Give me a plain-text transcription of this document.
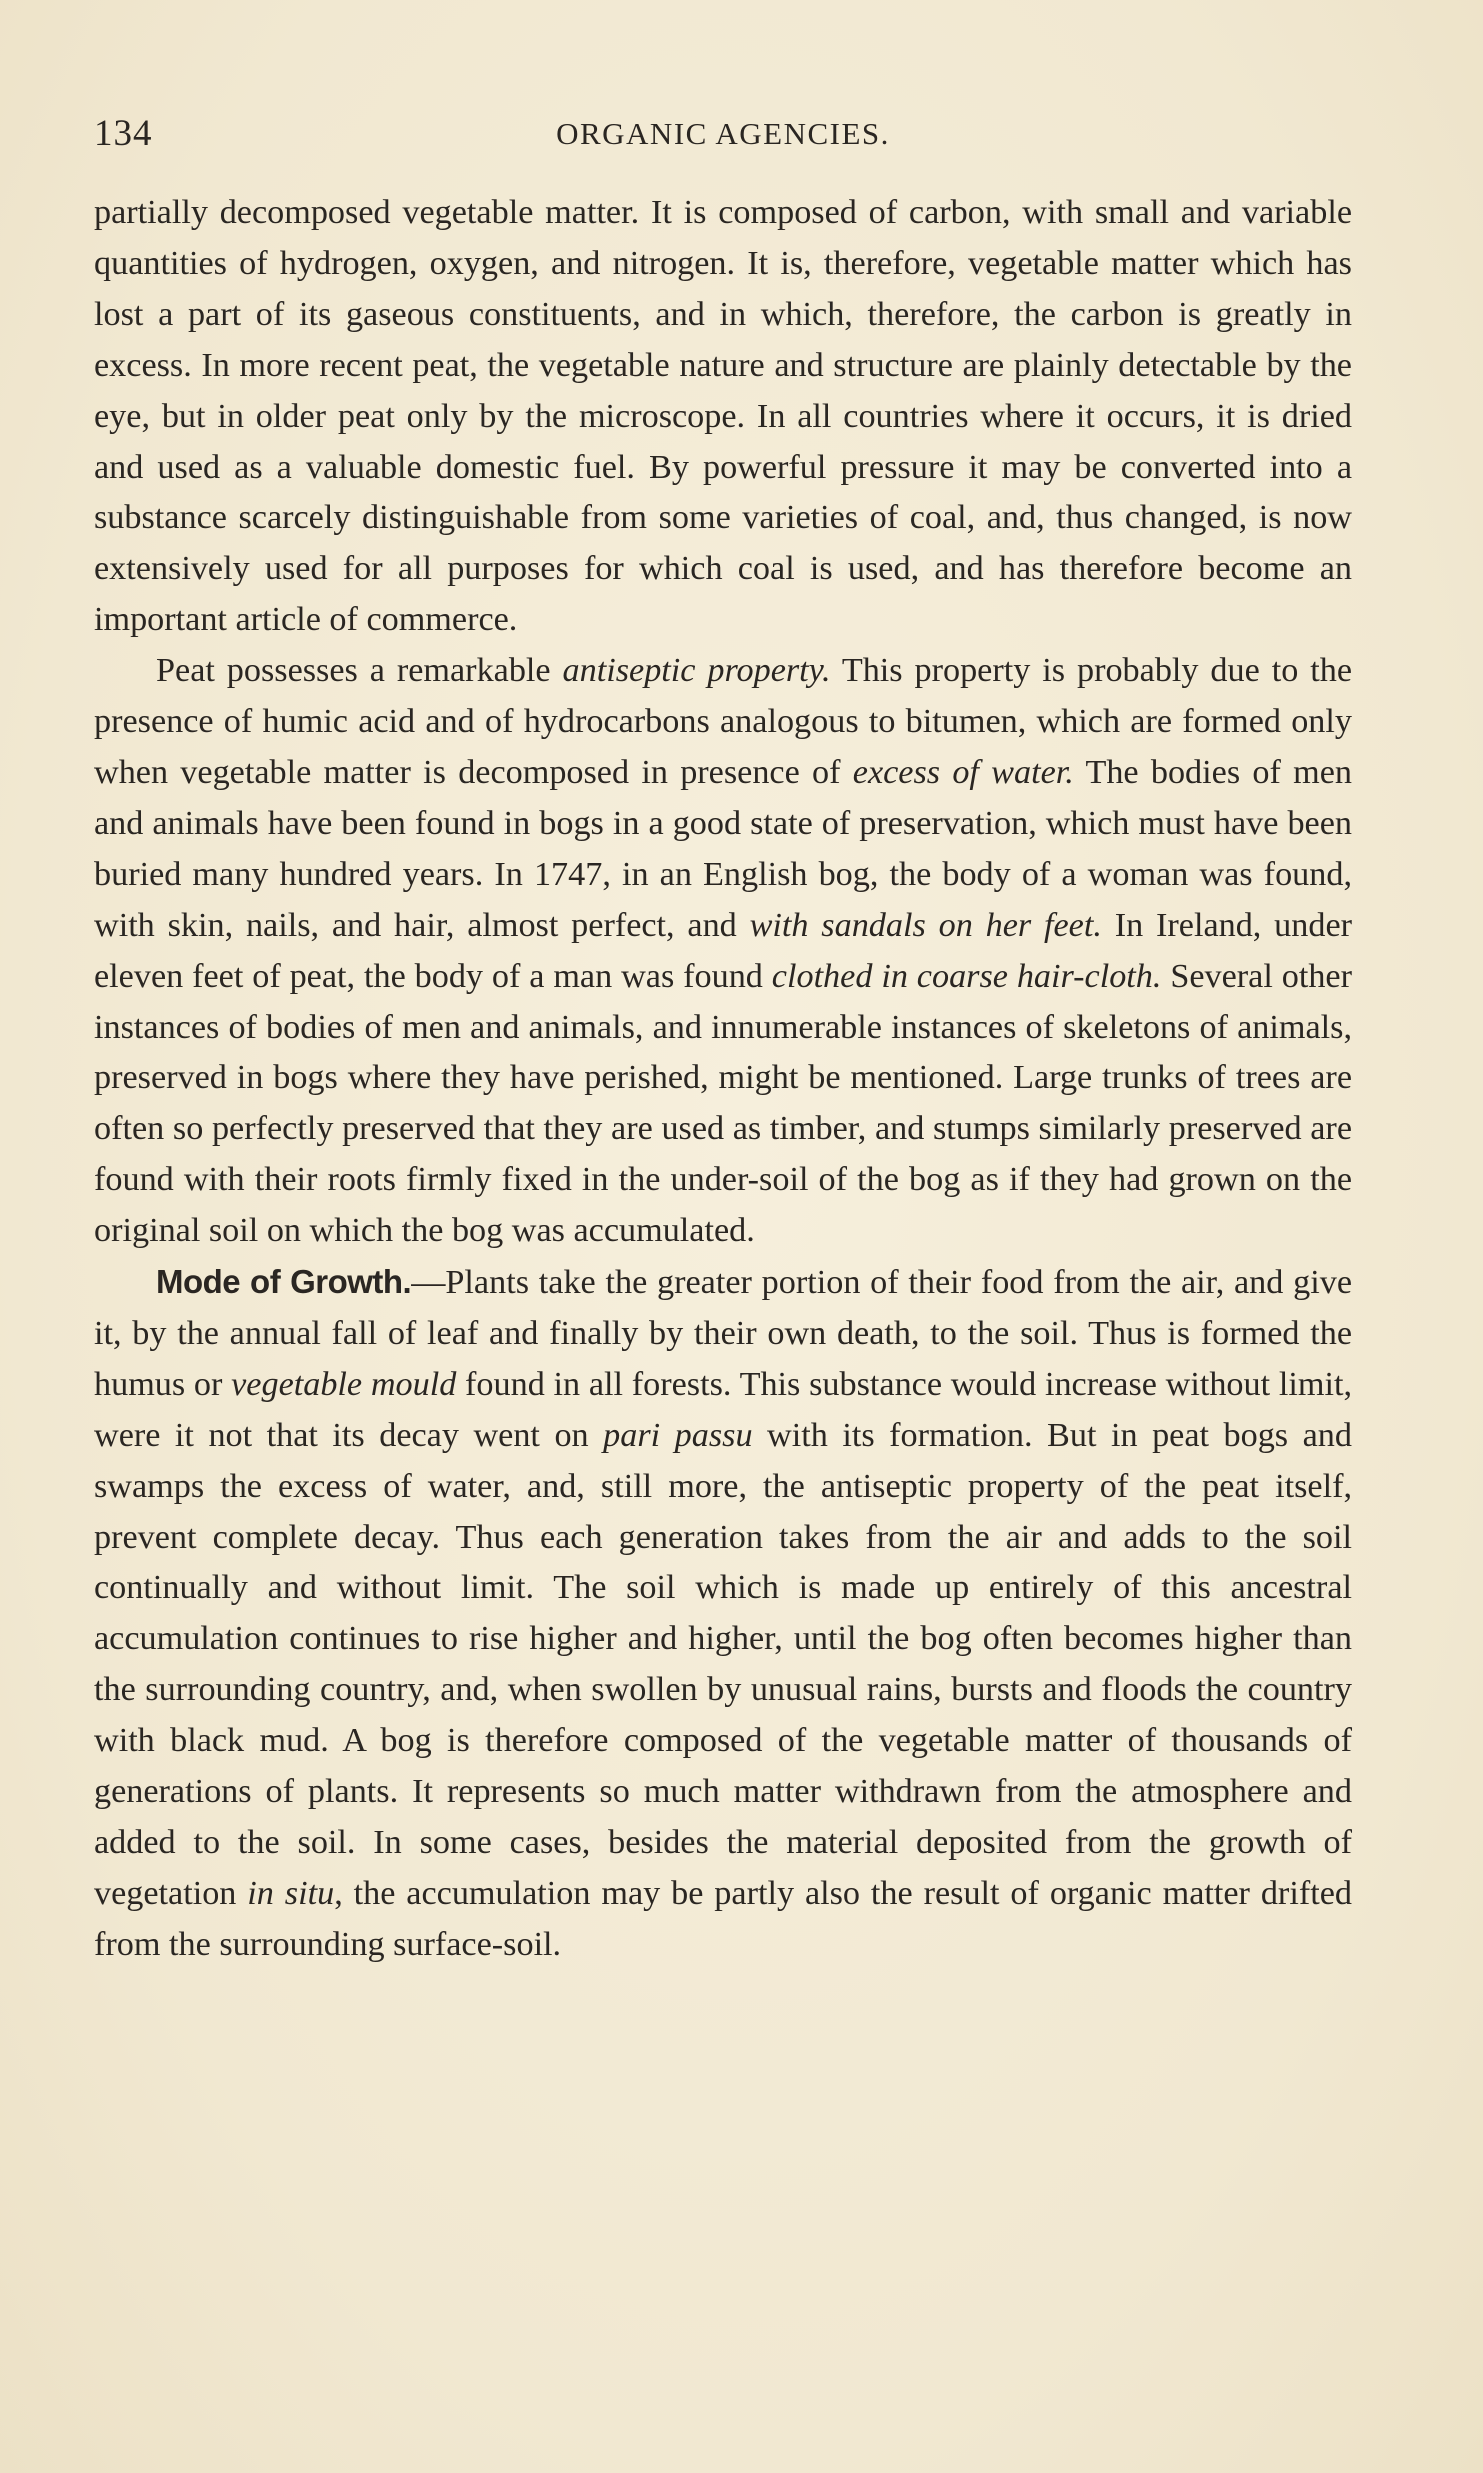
134	ORGANIC AGENCIES.

partially decomposed vegetable matter. It is composed of carbon, with small and variable quantities of hydrogen, oxygen, and nitrogen. It is, therefore, vegetable matter which has lost a part of its gaseous constituents, and in which, therefore, the carbon is greatly in excess. In more recent peat, the vegetable nature and structure are plainly detectable by the eye, but in older peat only by the microscope. In all countries where it occurs, it is dried and used as a valuable domestic fuel. By powerful pressure it may be converted into a substance scarcely distinguishable from some varieties of coal, and, thus changed, is now extensively used for all purposes for which coal is used, and has therefore become an important article of commerce.

Peat possesses a remarkable antiseptic property. This property is probably due to the presence of humic acid and of hydrocarbons analogous to bitumen, which are formed only when vegetable matter is decomposed in presence of excess of water. The bodies of men and animals have been found in bogs in a good state of preservation, which must have been buried many hundred years. In 1747, in an English bog, the body of a woman was found, with skin, nails, and hair, almost perfect, and with sandals on her feet. In Ireland, under eleven feet of peat, the body of a man was found clothed in coarse hair-cloth. Several other instances of bodies of men and animals, and innumerable instances of skeletons of animals, preserved in bogs where they have perished, might be mentioned. Large trunks of trees are often so perfectly preserved that they are used as timber, and stumps similarly preserved are found with their roots firmly fixed in the under-soil of the bog as if they had grown on the original soil on which the bog was accumulated.

Mode of Growth.—Plants take the greater portion of their food from the air, and give it, by the annual fall of leaf and finally by their own death, to the soil. Thus is formed the humus or vegetable mould found in all forests. This substance would increase without limit, were it not that its decay went on pari passu with its formation. But in peat bogs and swamps the excess of water, and, still more, the antiseptic property of the peat itself, prevent complete decay. Thus each generation takes from the air and adds to the soil continually and without limit. The soil which is made up entirely of this ancestral accumulation continues to rise higher and higher, until the bog often becomes higher than the surrounding country, and, when swollen by unusual rains, bursts and floods the country with black mud. A bog is therefore composed of the vegetable matter of thousands of generations of plants. It represents so much matter withdrawn from the atmosphere and added to the soil. In some cases, besides the material deposited from the growth of vegetation in situ, the accumulation may be partly also the result of organic matter drifted from the surrounding surface-soil.
